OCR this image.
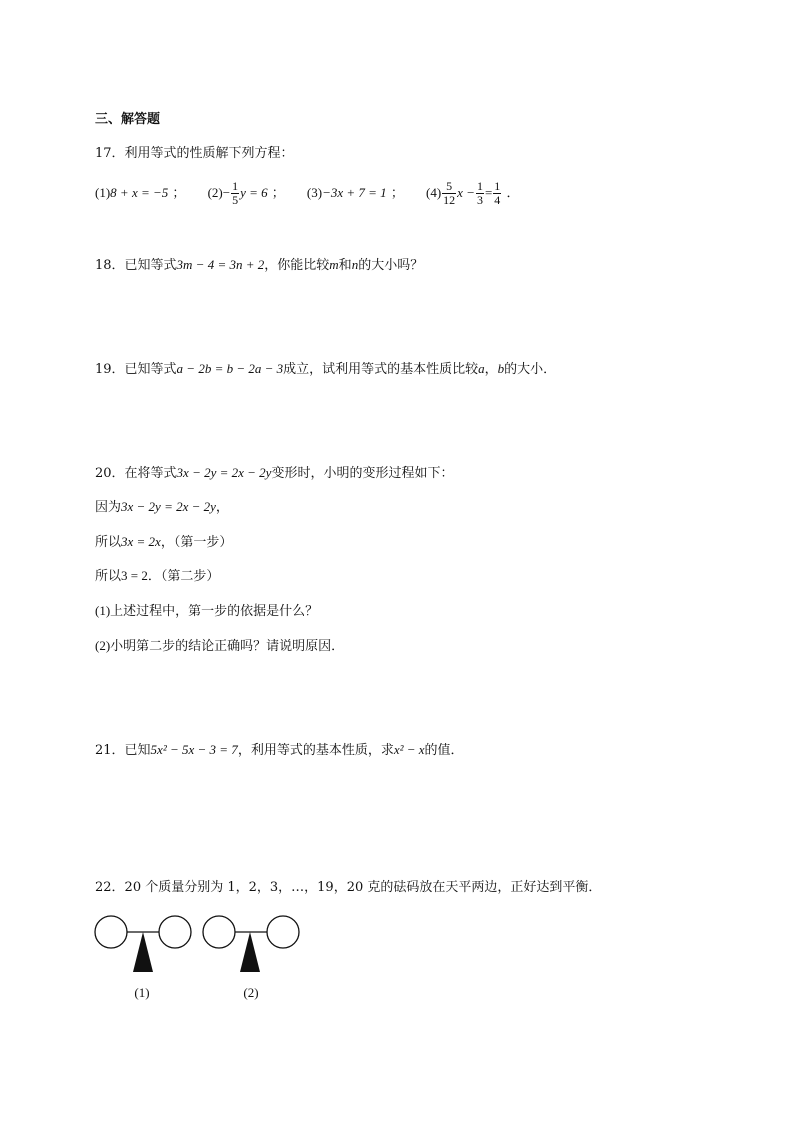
三、解答题
17．利用等式的性质解下列方程：
(1)8 + x = −5 ； $(2)- \frac{1}{5}$ y = 6 ； (3)−3x + 7 = 1 ； $(4) \frac{5}{12}$ $x - \frac{1}{3} = \frac{1}{4}$ ．
18．已知等式3m − 4 = 3n + 2，你能比较m和n的大小吗？
19．已知等式a − 2b = b − 2a − 3成立，试利用等式的基本性质比较a，b的大小．
20．在将等式3x − 2y = 2x − 2y变形时，小明的变形过程如下：
因为3x − 2y = 2x − 2y，
所以3x = 2x，（第一步）
所以3 = 2．（第二步）
(1)上述过程中，第一步的依据是什么？
(2)小明第二步的结论正确吗？请说明原因．
21．已知5x² − 5x − 3 = 7，利用等式的基本性质，求x² − x的值．
22．20 个质量分别为 1，2，3，…，19，20 克的砝码放在天平两边，正好达到平衡．
(1)	(2)
